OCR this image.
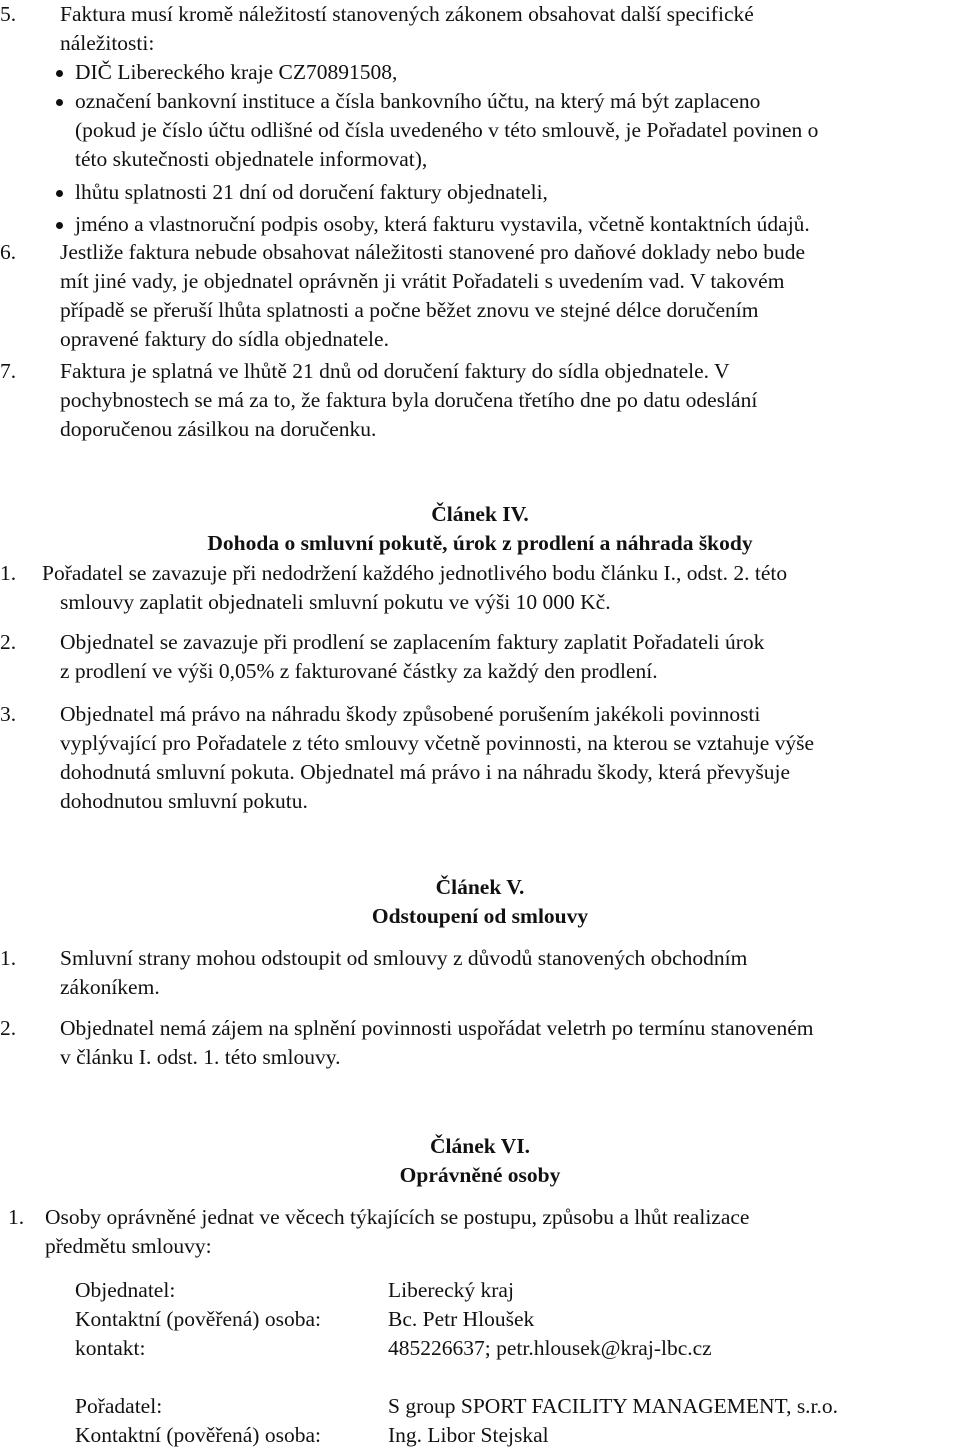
5. Faktura musí kromě náležitostí stanovených zákonem obsahovat další specifické

náležitosti:

DIČ Libereckého kraje CZ70891508,

označení bankovní instituce a čísla bankovního účtu, na který má být zaplaceno

(pokud je číslo účtu odlišné od čísla uvedeného v této smlouvě, je Pořadatel povinen o

této skutečnosti objednatele informovat),

lhůtu splatnosti 21 dní od doručení faktury objednateli,

jméno a vlastnoruční podpis osoby, která fakturu vystavila, včetně kontaktních údajů.

6. Jestliže faktura nebude obsahovat náležitosti stanovené pro daňové doklady nebo bude

mít jiné vady, je objednatel oprávněn ji vrátit Pořadateli s uvedením vad. V takovém

případě se přeruší lhůta splatnosti a počne běžet znovu ve stejné délce doručením

opravené faktury do sídla objednatele.

7. Faktura je splatná ve lhůtě 21 dnů od doručení faktury do sídla objednatele. V

pochybnostech se má za to, že faktura byla doručena třetího dne po datu odeslání

doporučenou zásilkou na doručenku.

Článek IV.
Dohoda o smluvní pokutě, úrok z prodlení a náhrada škody
1. Pořadatel se zavazuje při nedodržení každého jednotlivého bodu článku I., odst. 2. této

smlouvy zaplatit objednateli smluvní pokutu ve výši 10 000 Kč.

2. Objednatel se zavazuje při prodlení se zaplacením faktury zaplatit Pořadateli úrok

z prodlení ve výši 0,05% z fakturované částky za každý den prodlení.

3. Objednatel má právo na náhradu škody způsobené porušením jakékoli povinnosti

vyplývající pro Pořadatele z této smlouvy včetně povinnosti, na kterou se vztahuje výše

dohodnutá smluvní pokuta. Objednatel má právo i na náhradu škody, která převyšuje

dohodnutou smluvní pokutu.

Článek V.
Odstoupení od smlouvy
1. Smluvní strany mohou odstoupit od smlouvy z důvodů stanovených obchodním

zákoníkem.

2. Objednatel nemá zájem na splnění povinnosti uspořádat veletrh po termínu stanoveném

v článku I. odst. 1. této smlouvy.

Článek VI.
Oprávněné osoby
1. Osoby oprávněné jednat ve věcech týkajících se postupu, způsobu a lhůt realizace

předmětu smlouvy:

Objednatel:	Liberecký kraj
Kontaktní (pověřená) osoba:	Bc. Petr Hloušek
kontakt:	485226637; petr.hlousek@kraj-lbc.cz
Pořadatel:	S group SPORT FACILITY MANAGEMENT, s.r.o.
Kontaktní (pověřená) osoba:	Ing. Libor Stejskal
